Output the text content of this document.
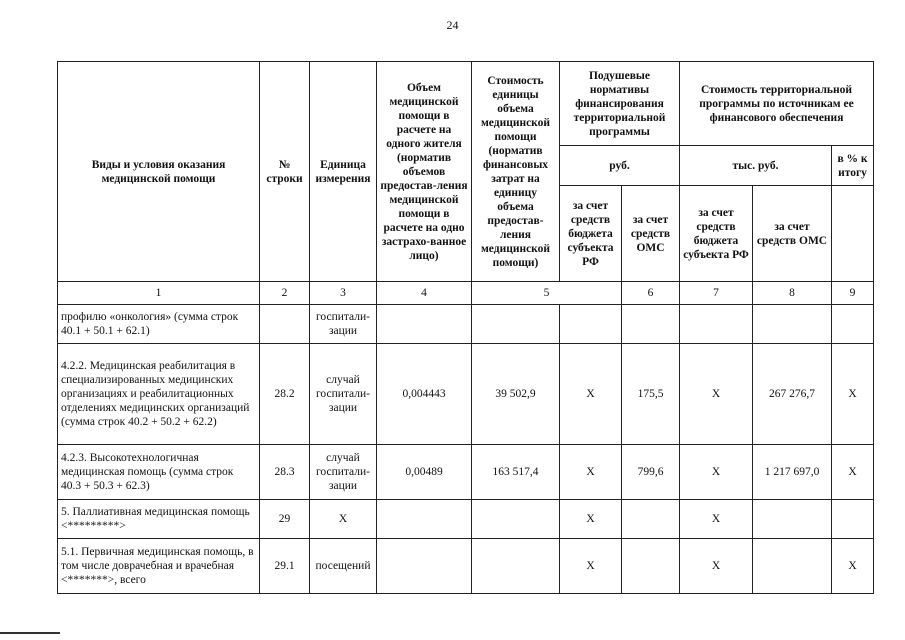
24
Виды и условия оказания медицинской помощи	№ строки	Единица измерения	Объем медицинской помощи в расчете на одного жителя (норматив объемов предостав-ления медицинской помощи в расчете на одно застрахо-ванное лицо)	Стоимость единицы объема медицинской помощи (норматив финансовых затрат на единицу объема предостав-ления медицинской помощи)	Подушевые нормативы финансирования территориальной программы		Стоимость территориальной программы по источникам ее финансового обеспечения		
					руб.		тыс. руб.		в % к итогу
					за счет средств бюджета субъекта РФ	за счет средств ОМС	за счет средств бюджета субъекта РФ	за счет средств ОМС	
1	2	3	4	5		6	7	8	9
профилю «онкология» (сумма строк 40.1 + 50.1 + 62.1)		госпитали-зации							
4.2.2. Медицинская реабилитация в специализированных медицинских организациях и реабилитационных отделениях медицинских организаций (сумма строк 40.2 + 50.2 + 62.2)	28.2	случай госпитали-зации	0,004443	39 502,9	X	175,5	X	267 276,7	X
4.2.3. Высокотехнологичная медицинская помощь (сумма строк 40.3 + 50.3 + 62.3)	28.3	случай госпитали-зации	0,00489	163 517,4	X	799,6	X	1 217 697,0	X
5. Паллиативная медицинская помощь <*********>	29	X			X		X		
5.1. Первичная медицинская помощь, в том числе доврачебная и врачебная <*******>, всего	29.1	посещений			X		X		X
